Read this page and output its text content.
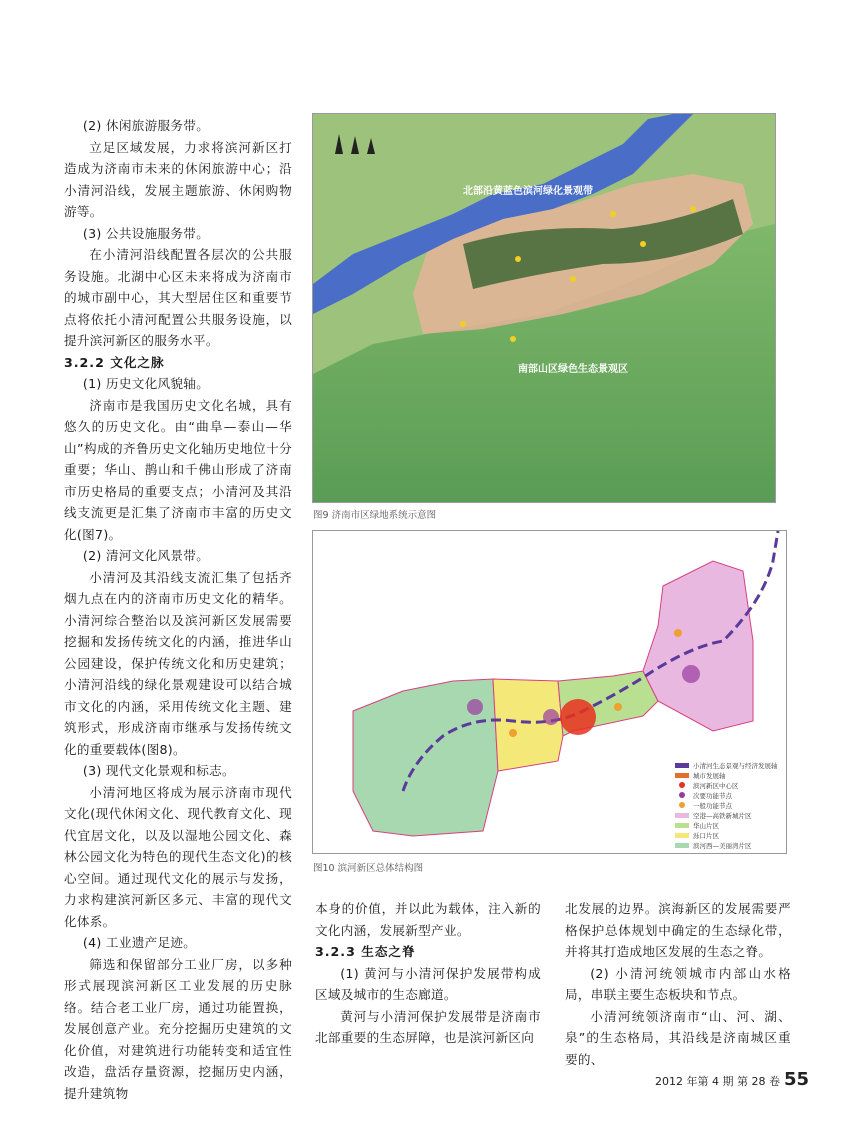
(2) 休闲旅游服务带。

立足区域发展，力求将滨河新区打造成为济南市未来的休闲旅游中心；沿小清河沿线，发展主题旅游、休闲购物游等。

(3) 公共设施服务带。

在小清河沿线配置各层次的公共服务设施。北湖中心区未来将成为济南市的城市副中心，其大型居住区和重要节点将依托小清河配置公共服务设施，以提升滨河新区的服务水平。

3.2.2 文化之脉

(1) 历史文化风貌轴。

济南市是我国历史文化名城，具有悠久的历史文化。由“曲阜—泰山—华山”构成的齐鲁历史文化轴历史地位十分重要；华山、鹊山和千佛山形成了济南市历史格局的重要支点；小清河及其沿线支流更是汇集了济南市丰富的历史文化(图7)。

(2) 清河文化风景带。

小清河及其沿线支流汇集了包括齐烟九点在内的济南市历史文化的精华。小清河综合整治以及滨河新区发展需要挖掘和发扬传统文化的内涵，推进华山公园建设，保护传统文化和历史建筑；小清河沿线的绿化景观建设可以结合城市文化的内涵，采用传统文化主题、建筑形式，形成济南市继承与发扬传统文化的重要载体(图8)。

(3) 现代文化景观和标志。

小清河地区将成为展示济南市现代文化(现代休闲文化、现代教育文化、现代宜居文化，以及以湿地公园文化、森林公园文化为特色的现代生态文化)的核心空间。通过现代文化的展示与发扬，力求构建滨河新区多元、丰富的现代文化体系。

(4) 工业遗产足迹。

筛选和保留部分工业厂房，以多种形式展现滨河新区工业发展的历史脉络。结合老工业厂房，通过功能置换，发展创意产业。充分挖掘历史建筑的文化价值，对建筑进行功能转变和适宜性改造，盘活存量资源，挖掘历史内涵，提升建筑物

北部沿黄蓝色滨河绿化景观带
南部山区绿色生态景观区
图9 济南市区绿地系统示意图
小清河生态景观与经济发展轴
城市发展轴
滨河新区中心区
次要功能节点
一般功能节点
空港—高铁新城片区
华山片区
泺口片区
滨河西—美丽湾片区
图10 滨河新区总体结构图

本身的价值，并以此为载体，注入新的文化内涵，发展新型产业。

3.2.3 生态之脊

(1) 黄河与小清河保护发展带构成区域及城市的生态廊道。

黄河与小清河保护发展带是济南市北部重要的生态屏障，也是滨河新区向

北发展的边界。滨海新区的发展需要严格保护总体规划中确定的生态绿化带，并将其打造成地区发展的生态之脊。

(2) 小清河统领城市内部山水格局，串联主要生态板块和节点。

小清河统领济南市“山、河、湖、泉”的生态格局，其沿线是济南城区重要的、

2012 年第 4 期 第 28 卷 55
